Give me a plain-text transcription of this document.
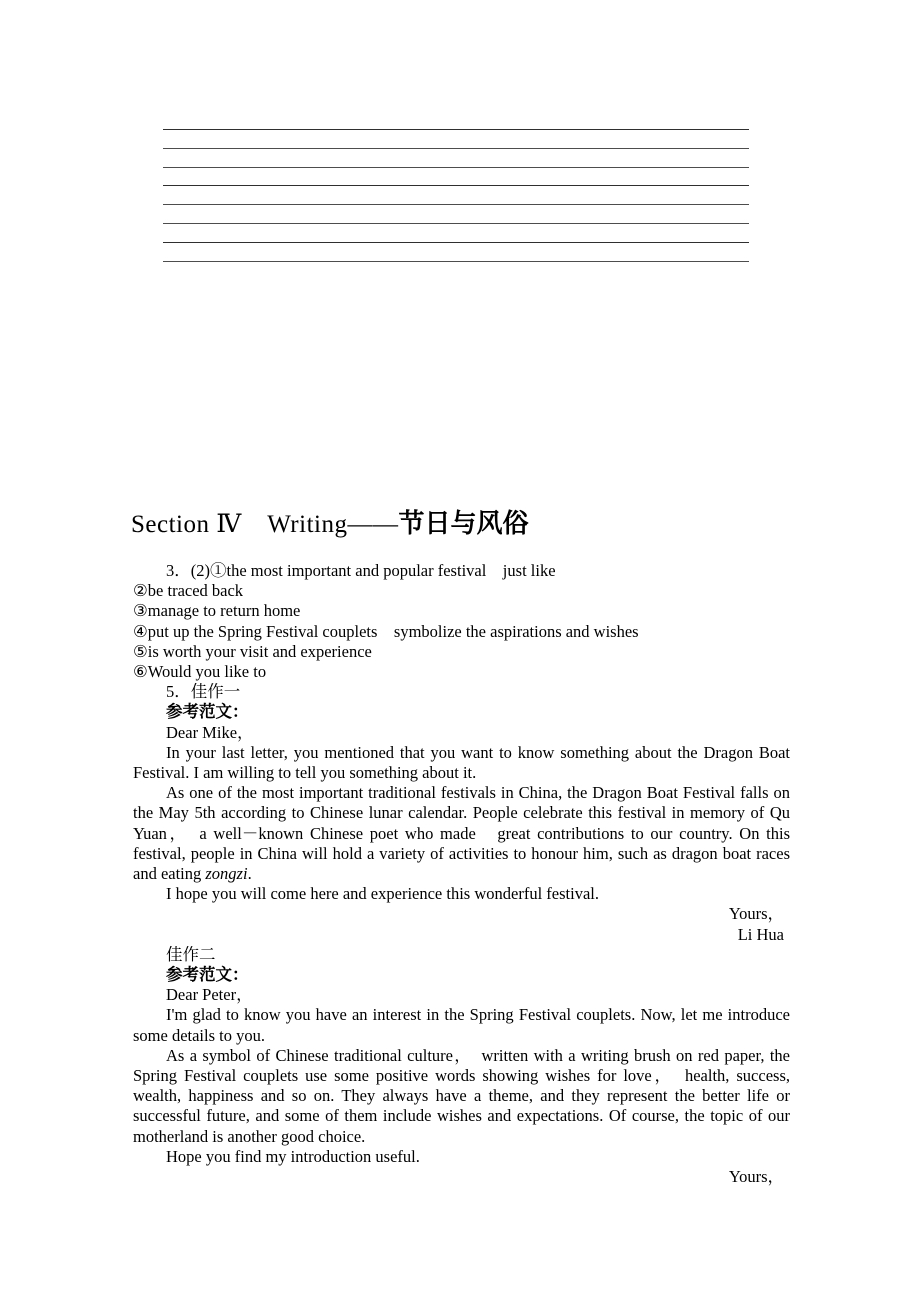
Section Ⅳ　Writing——节日与风俗
3．(2)①the most important and popular festival　just like
②be traced back
③manage to return home
④put up the Spring Festival couplets　symbolize the aspirations and wishes
⑤is worth your visit and experience
⑥Would you like to
5．佳作一
参考范文：
Dear Mike，

In your last letter, you mentioned that you want to know something about the Dragon Boat Festival. I am willing to tell you something about it.

As one of the most important traditional festivals in China, the Dragon Boat Festival falls on the May 5th according to Chinese lunar calendar. People celebrate this festival in memory of Qu Yuan，　a well－known Chinese poet who made　great contributions to our country. On this festival, people in China will hold a variety of activities to honour him, such as dragon boat races and eating zongzi.

I hope you will come here and experience this wonderful festival.

Yours，
Li Hua
佳作二
参考范文：
Dear Peter，

I'm glad to know you have an interest in the Spring Festival couplets. Now, let me introduce some details to you.

As a symbol of Chinese traditional culture，　written with a writing brush on red paper, the Spring Festival couplets use some positive words showing wishes for love，　health, success, wealth, happiness and so on. They always have a theme, and they represent the better life or successful future, and some of them include wishes and expectations. Of course, the topic of our motherland is another good choice.

Hope you find my introduction useful.

Yours，
